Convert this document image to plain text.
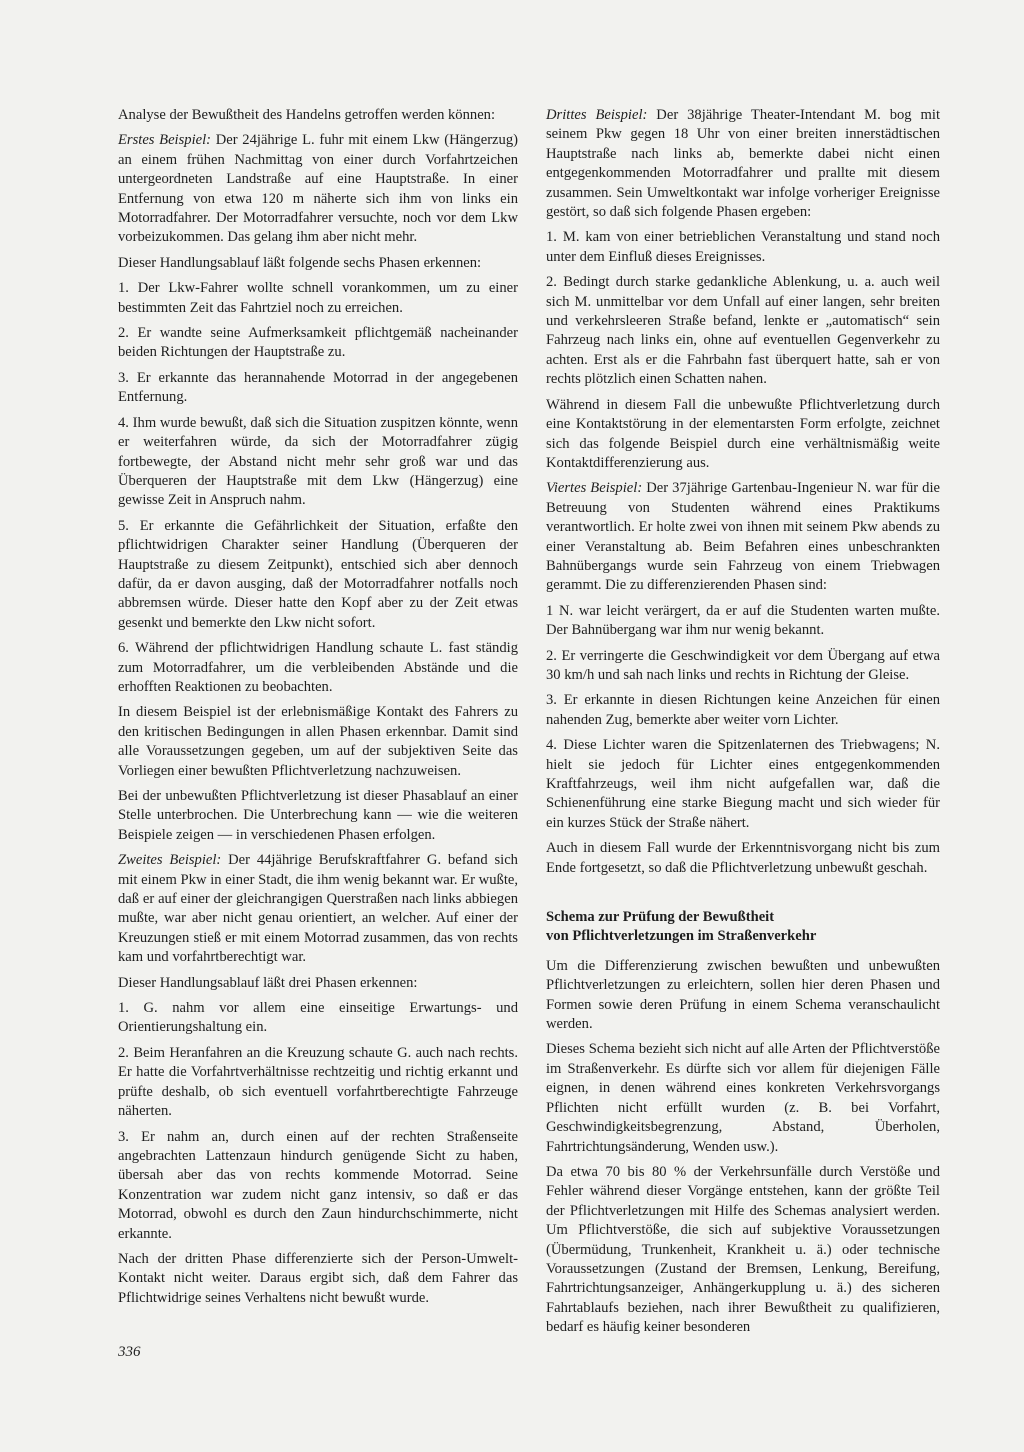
Analyse der Bewußtheit des Handelns getroffen werden können:

Erstes Beispiel: Der 24jährige L. fuhr mit einem Lkw (Hängerzug) an einem frühen Nachmittag von einer durch Vorfahrtzeichen untergeordneten Landstraße auf eine Hauptstraße. In einer Entfernung von etwa 120 m näherte sich ihm von links ein Motorradfahrer. Der Motorradfahrer versuchte, noch vor dem Lkw vorbeizukommen. Das gelang ihm aber nicht mehr.

Dieser Handlungsablauf läßt folgende sechs Phasen erkennen:

1. Der Lkw-Fahrer wollte schnell vorankommen, um zu einer bestimmten Zeit das Fahrtziel noch zu erreichen.

2. Er wandte seine Aufmerksamkeit pflichtgemäß nacheinander beiden Richtungen der Hauptstraße zu.

3. Er erkannte das herannahende Motorrad in der angegebenen Entfernung.

4. Ihm wurde bewußt, daß sich die Situation zuspitzen könnte, wenn er weiterfahren würde, da sich der Motorradfahrer zügig fortbewegte, der Abstand nicht mehr sehr groß war und das Überqueren der Hauptstraße mit dem Lkw (Hängerzug) eine gewisse Zeit in Anspruch nahm.

5. Er erkannte die Gefährlichkeit der Situation, erfaßte den pflichtwidrigen Charakter seiner Handlung (Überqueren der Hauptstraße zu diesem Zeitpunkt), entschied sich aber dennoch dafür, da er davon ausging, daß der Motorradfahrer notfalls noch abbremsen würde. Dieser hatte den Kopf aber zu der Zeit etwas gesenkt und bemerkte den Lkw nicht sofort.

6. Während der pflichtwidrigen Handlung schaute L. fast ständig zum Motorradfahrer, um die verbleibenden Abstände und die erhofften Reaktionen zu beobachten.

In diesem Beispiel ist der erlebnismäßige Kontakt des Fahrers zu den kritischen Bedingungen in allen Phasen erkennbar. Damit sind alle Voraussetzungen gegeben, um auf der subjektiven Seite das Vorliegen einer bewußten Pflichtverletzung nachzuweisen.

Bei der unbewußten Pflichtverletzung ist dieser Phasablauf an einer Stelle unterbrochen. Die Unterbrechung kann — wie die weiteren Beispiele zeigen — in verschiedenen Phasen erfolgen.

Zweites Beispiel: Der 44jährige Berufskraftfahrer G. befand sich mit einem Pkw in einer Stadt, die ihm wenig bekannt war. Er wußte, daß er auf einer der gleichrangigen Querstraßen nach links abbiegen mußte, war aber nicht genau orientiert, an welcher. Auf einer der Kreuzungen stieß er mit einem Motorrad zusammen, das von rechts kam und vorfahrtberechtigt war.

Dieser Handlungsablauf läßt drei Phasen erkennen:

1. G. nahm vor allem eine einseitige Erwartungs- und Orientierungshaltung ein.

2. Beim Heranfahren an die Kreuzung schaute G. auch nach rechts. Er hatte die Vorfahrtverhältnisse rechtzeitig und richtig erkannt und prüfte deshalb, ob sich eventuell vorfahrtberechtigte Fahrzeuge näherten.

3. Er nahm an, durch einen auf der rechten Straßenseite angebrachten Lattenzaun hindurch genügende Sicht zu haben, übersah aber das von rechts kommende Motorrad. Seine Konzentration war zudem nicht ganz intensiv, so daß er das Motorrad, obwohl es durch den Zaun hindurchschimmerte, nicht erkannte.

Nach der dritten Phase differenzierte sich der Person-Umwelt-Kontakt nicht weiter. Daraus ergibt sich, daß dem Fahrer das Pflichtwidrige seines Verhaltens nicht bewußt wurde.

Drittes Beispiel: Der 38jährige Theater-Intendant M. bog mit seinem Pkw gegen 18 Uhr von einer breiten innerstädtischen Hauptstraße nach links ab, bemerkte dabei nicht einen entgegenkommenden Motorradfahrer und prallte mit diesem zusammen. Sein Umweltkontakt war infolge vorheriger Ereignisse gestört, so daß sich folgende Phasen ergeben:

1. M. kam von einer betrieblichen Veranstaltung und stand noch unter dem Einfluß dieses Ereignisses.

2. Bedingt durch starke gedankliche Ablenkung, u. a. auch weil sich M. unmittelbar vor dem Unfall auf einer langen, sehr breiten und verkehrsleeren Straße befand, lenkte er „automatisch“ sein Fahrzeug nach links ein, ohne auf eventuellen Gegenverkehr zu achten. Erst als er die Fahrbahn fast überquert hatte, sah er von rechts plötzlich einen Schatten nahen.

Während in diesem Fall die unbewußte Pflichtverletzung durch eine Kontaktstörung in der elementarsten Form erfolgte, zeichnet sich das folgende Beispiel durch eine verhältnismäßig weite Kontaktdifferenzierung aus.

Viertes Beispiel: Der 37jährige Gartenbau-Ingenieur N. war für die Betreuung von Studenten während eines Praktikums verantwortlich. Er holte zwei von ihnen mit seinem Pkw abends zu einer Veranstaltung ab. Beim Befahren eines unbeschrankten Bahnübergangs wurde sein Fahrzeug von einem Triebwagen gerammt. Die zu differenzierenden Phasen sind:

1 N. war leicht verärgert, da er auf die Studenten warten mußte. Der Bahnübergang war ihm nur wenig bekannt.

2. Er verringerte die Geschwindigkeit vor dem Übergang auf etwa 30 km/h und sah nach links und rechts in Richtung der Gleise.

3. Er erkannte in diesen Richtungen keine Anzeichen für einen nahenden Zug, bemerkte aber weiter vorn Lichter.

4. Diese Lichter waren die Spitzenlaternen des Triebwagens; N. hielt sie jedoch für Lichter eines entgegenkommenden Kraftfahrzeugs, weil ihm nicht aufgefallen war, daß die Schienenführung eine starke Biegung macht und sich wieder für ein kurzes Stück der Straße nähert.

Auch in diesem Fall wurde der Erkenntnisvorgang nicht bis zum Ende fortgesetzt, so daß die Pflichtverletzung unbewußt geschah.

Schema zur Prüfung der Bewußtheit
von Pflichtverletzungen im Straßenverkehr

Um die Differenzierung zwischen bewußten und unbewußten Pflichtverletzungen zu erleichtern, sollen hier deren Phasen und Formen sowie deren Prüfung in einem Schema veranschaulicht werden.

Dieses Schema bezieht sich nicht auf alle Arten der Pflichtverstöße im Straßenverkehr. Es dürfte sich vor allem für diejenigen Fälle eignen, in denen während eines konkreten Verkehrsvorgangs Pflichten nicht erfüllt wurden (z. B. bei Vorfahrt, Geschwindigkeitsbegrenzung, Abstand, Überholen, Fahrtrichtungsänderung, Wenden usw.).

Da etwa 70 bis 80 % der Verkehrsunfälle durch Verstöße und Fehler während dieser Vorgänge entstehen, kann der größte Teil der Pflichtverletzungen mit Hilfe des Schemas analysiert werden. Um Pflichtverstöße, die sich auf subjektive Voraussetzungen (Übermüdung, Trunkenheit, Krankheit u. ä.) oder technische Voraussetzungen (Zustand der Bremsen, Lenkung, Bereifung, Fahrtrichtungsanzeiger, Anhängerkupplung u. ä.) des sicheren Fahrtablaufs beziehen, nach ihrer Bewußtheit zu qualifizieren, bedarf es häufig keiner besonderen

336
